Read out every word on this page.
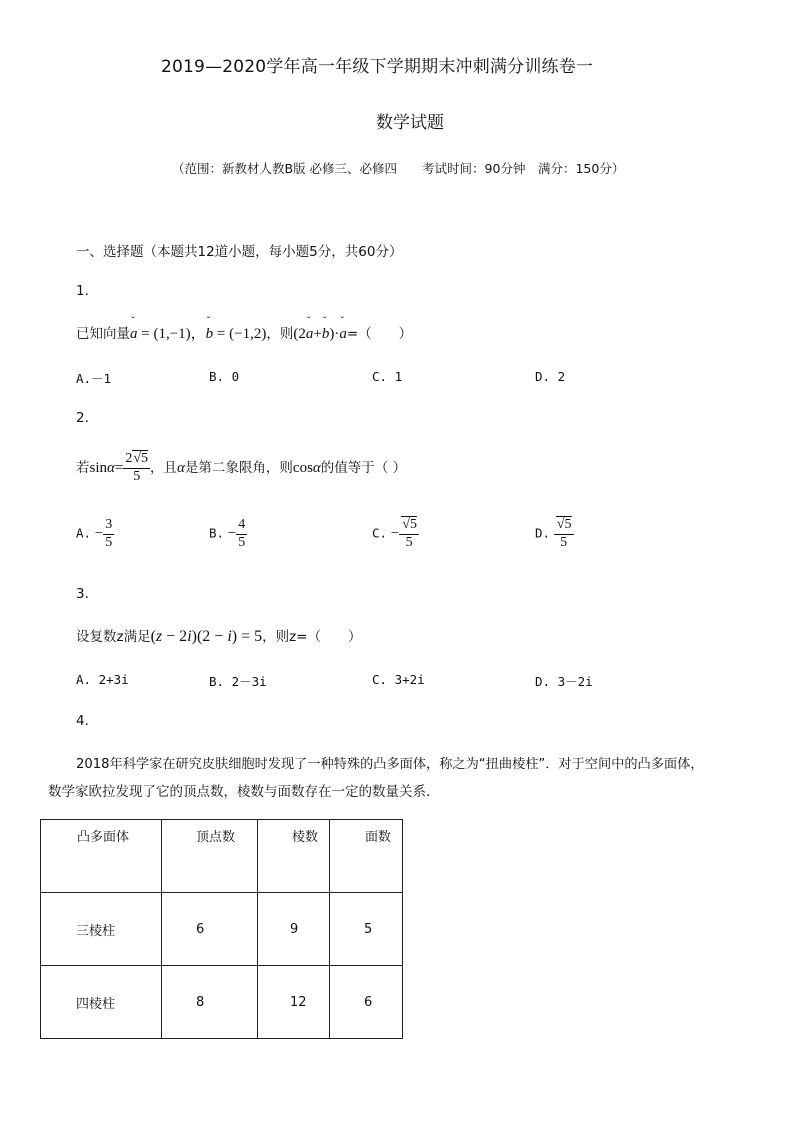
2019—2020学年高一年级下学期期末冲刺满分训练卷一
数学试题
（范围：新教材人教B版 必修三、必修四　　考试时间：90分钟　满分：150分）
一、选择题（本题共12道小题，每小题5分，共60分）
1.
已知向量ˇ a = (1,−1)，ˇ b = (−1,2)，则(2ˇ a+ˇ b)·ˇ a=（　　）
A.－1	B. 0	C. 1	D. 2
2.
若$\sin\alpha= \frac{2√5}{5}$ ，且α是第二象限角，则cosα的值等于（ ）
A. − $\frac{3}{5}$	B. − $\frac{4}{5}$	C. − $\frac{√5}{5}$	D. $\frac{√5}{5}$
3.
设复数z满足(z − 2i)(2 − i) = 5，则z=（　　）
A. 2+3i	B. 2－3i	C. 3+2i	D. 3－2i
4.
2018年科学家在研究皮肤细胞时发现了一种特殊的凸多面体，称之为“扭曲棱柱”．对于空间中的凸多面体，
数学家欧拉发现了它的顶点数，棱数与面数存在一定的数量关系．
凸多面体	顶点数	棱数	面数

三棱柱	6	9	5

四棱柱	8	12	6
